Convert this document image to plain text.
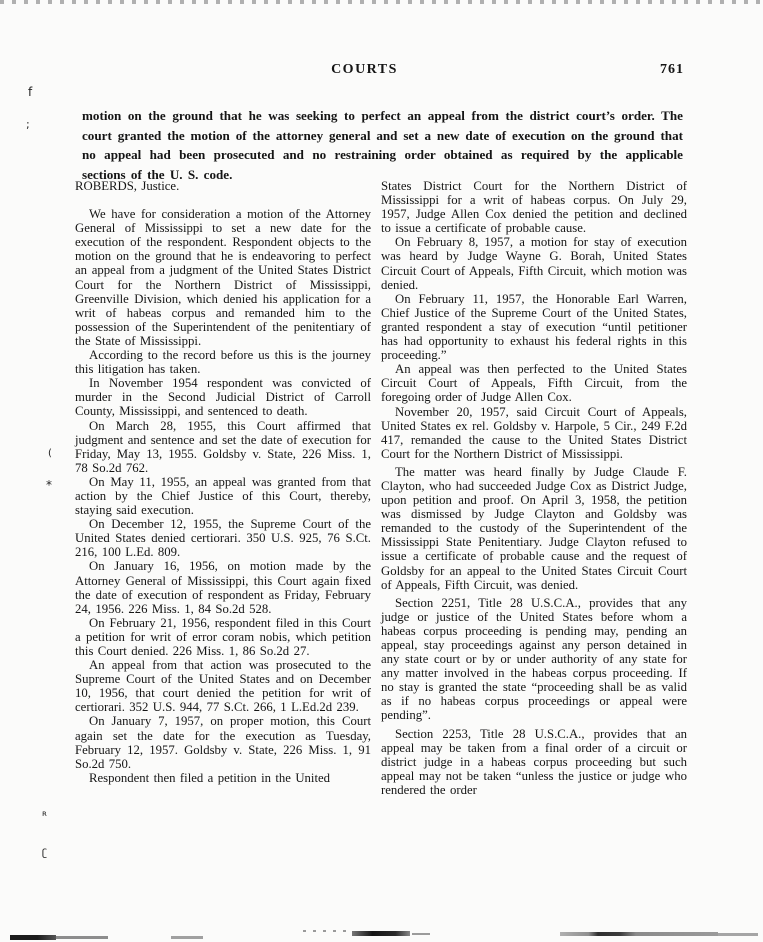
COURTS	761
motion on the ground that he was seeking to perfect an appeal from the district court’s order. The court granted the motion of the attorney general and set a new date of execution on the ground that no appeal had been prosecuted and no restraining order obtained as required by the applicable sections of the U. S. code.

ROBERDS, Justice.

We have for consideration a motion of the Attorney General of Mississippi to set a new date for the execution of the respondent. Respondent objects to the motion on the ground that he is endeavoring to perfect an appeal from a judgment of the United States District Court for the Northern District of Mississippi, Greenville Division, which denied his application for a writ of habeas corpus and remanded him to the possession of the Superintendent of the penitentiary of the State of Mississippi.

According to the record before us this is the journey this litigation has taken.

In November 1954 respondent was convicted of murder in the Second Judicial District of Carroll County, Mississippi, and sentenced to death.

On March 28, 1955, this Court affirmed that judgment and sentence and set the date of execution for Friday, May 13, 1955. Goldsby v. State, 226 Miss. 1, 78 So.2d 762.

On May 11, 1955, an appeal was granted from that action by the Chief Justice of this Court, thereby, staying said execution.

On December 12, 1955, the Supreme Court of the United States denied certiorari. 350 U.S. 925, 76 S.Ct. 216, 100 L.Ed. 809.

On January 16, 1956, on motion made by the Attorney General of Mississippi, this Court again fixed the date of execution of respondent as Friday, February 24, 1956. 226 Miss. 1, 84 So.2d 528.

On February 21, 1956, respondent filed in this Court a petition for writ of error coram nobis, which petition this Court denied. 226 Miss. 1, 86 So.2d 27.

An appeal from that action was prosecuted to the Supreme Court of the United States and on December 10, 1956, that court denied the petition for writ of certiorari. 352 U.S. 944, 77 S.Ct. 266, 1 L.Ed.2d 239.

On January 7, 1957, on proper motion, this Court again set the date for the execution as Tuesday, February 12, 1957. Goldsby v. State, 226 Miss. 1, 91 So.2d 750.

Respondent then filed a petition in the United

States District Court for the Northern District of Mississippi for a writ of habeas corpus. On July 29, 1957, Judge Allen Cox denied the petition and declined to issue a certificate of probable cause.

On February 8, 1957, a motion for stay of execution was heard by Judge Wayne G. Borah, United States Circuit Court of Appeals, Fifth Circuit, which motion was denied.

On February 11, 1957, the Honorable Earl Warren, Chief Justice of the Supreme Court of the United States, granted respondent a stay of execution “until petitioner has had opportunity to exhaust his federal rights in this proceeding.”

An appeal was then perfected to the United States Circuit Court of Appeals, Fifth Circuit, from the foregoing order of Judge Allen Cox.

November 20, 1957, said Circuit Court of Appeals, United States ex rel. Goldsby v. Harpole, 5 Cir., 249 F.2d 417, remanded the cause to the United States District Court for the Northern District of Mississippi.

The matter was heard finally by Judge Claude F. Clayton, who had succeeded Judge Cox as District Judge, upon petition and proof. On April 3, 1958, the petition was dismissed by Judge Clayton and Goldsby was remanded to the custody of the Superintendent of the Mississippi State Penitentiary. Judge Clayton refused to issue a certificate of probable cause and the request of Goldsby for an appeal to the United States Circuit Court of Appeals, Fifth Circuit, was denied.

Section 2251, Title 28 U.S.C.A., provides that any judge or justice of the United States before whom a habeas corpus proceeding is pending may, pending an appeal, stay proceedings against any person detained in any state court or by or under authority of any state for any matter involved in the habeas corpus proceeding. If no stay is granted the state “proceeding shall be as valid as if no habeas corpus proceedings or appeal were pending”.

Section 2253, Title 28 U.S.C.A., provides that an appeal may be taken from a final order of a circuit or district judge in a habeas corpus proceeding but such appeal may not be taken “unless the justice or judge who rendered the order

f
;
(
*
ʀ
ʗ
